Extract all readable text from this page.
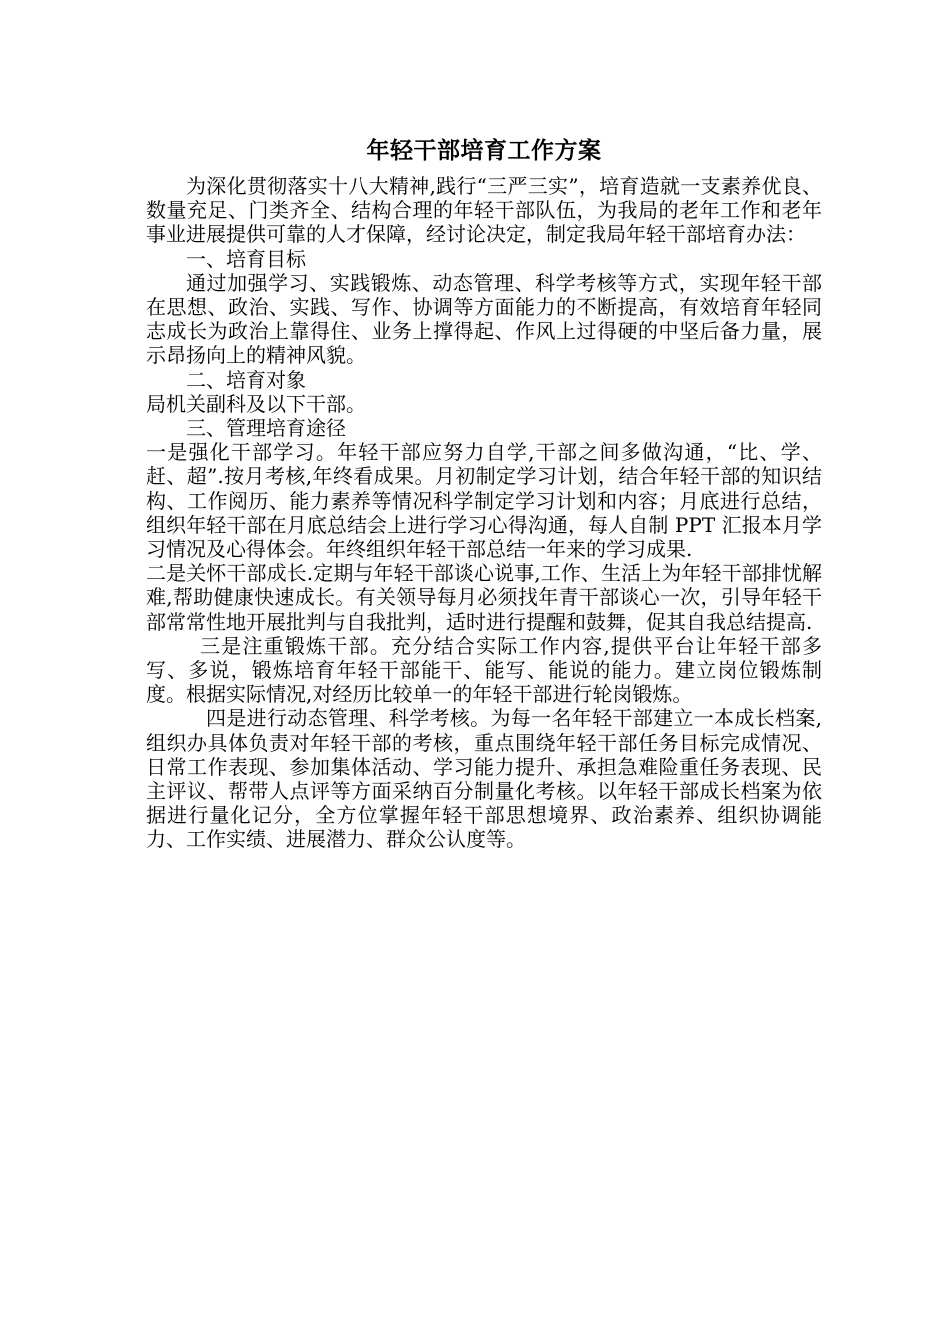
年轻干部培育工作方案

为深化贯彻落实十八大精神,践行“三严三实”，培育造就一支素养优良、数量充足、门类齐全、结构合理的年轻干部队伍，为我局的老年工作和老年事业进展提供可靠的人才保障，经讨论决定，制定我局年轻干部培育办法：

一、培育目标

通过加强学习、实践锻炼、动态管理、科学考核等方式，实现年轻干部在思想、政治、实践、写作、协调等方面能力的不断提高，有效培育年轻同志成长为政治上靠得住、业务上撑得起、作风上过得硬的中坚后备力量，展示昂扬向上的精神风貌。

二、培育对象

局机关副科及以下干部。

三、管理培育途径

一是强化干部学习。年轻干部应努力自学,干部之间多做沟通，“比、学、赶、超”.按月考核,年终看成果。月初制定学习计划，结合年轻干部的知识结构、工作阅历、能力素养等情况科学制定学习计划和内容；月底进行总结，组织年轻干部在月底总结会上进行学习心得沟通，每人自制 PPT 汇报本月学习情况及心得体会。年终组织年轻干部总结一年来的学习成果.

二是关怀干部成长.定期与年轻干部谈心说事,工作、生活上为年轻干部排忧解难,帮助健康快速成长。有关领导每月必须找年青干部谈心一次，引导年轻干部常常性地开展批判与自我批判，适时进行提醒和鼓舞，促其自我总结提高.

三是注重锻炼干部。充分结合实际工作内容,提供平台让年轻干部多写、多说，锻炼培育年轻干部能干、能写、能说的能力。建立岗位锻炼制度。根据实际情况,对经历比较单一的年轻干部进行轮岗锻炼。

四是进行动态管理、科学考核。为每一名年轻干部建立一本成长档案,组织办具体负责对年轻干部的考核，重点围绕年轻干部任务目标完成情况、日常工作表现、参加集体活动、学习能力提升、承担急难险重任务表现、民主评议、帮带人点评等方面采纳百分制量化考核。以年轻干部成长档案为依据进行量化记分，全方位掌握年轻干部思想境界、政治素养、组织协调能力、工作实绩、进展潜力、群众公认度等。
